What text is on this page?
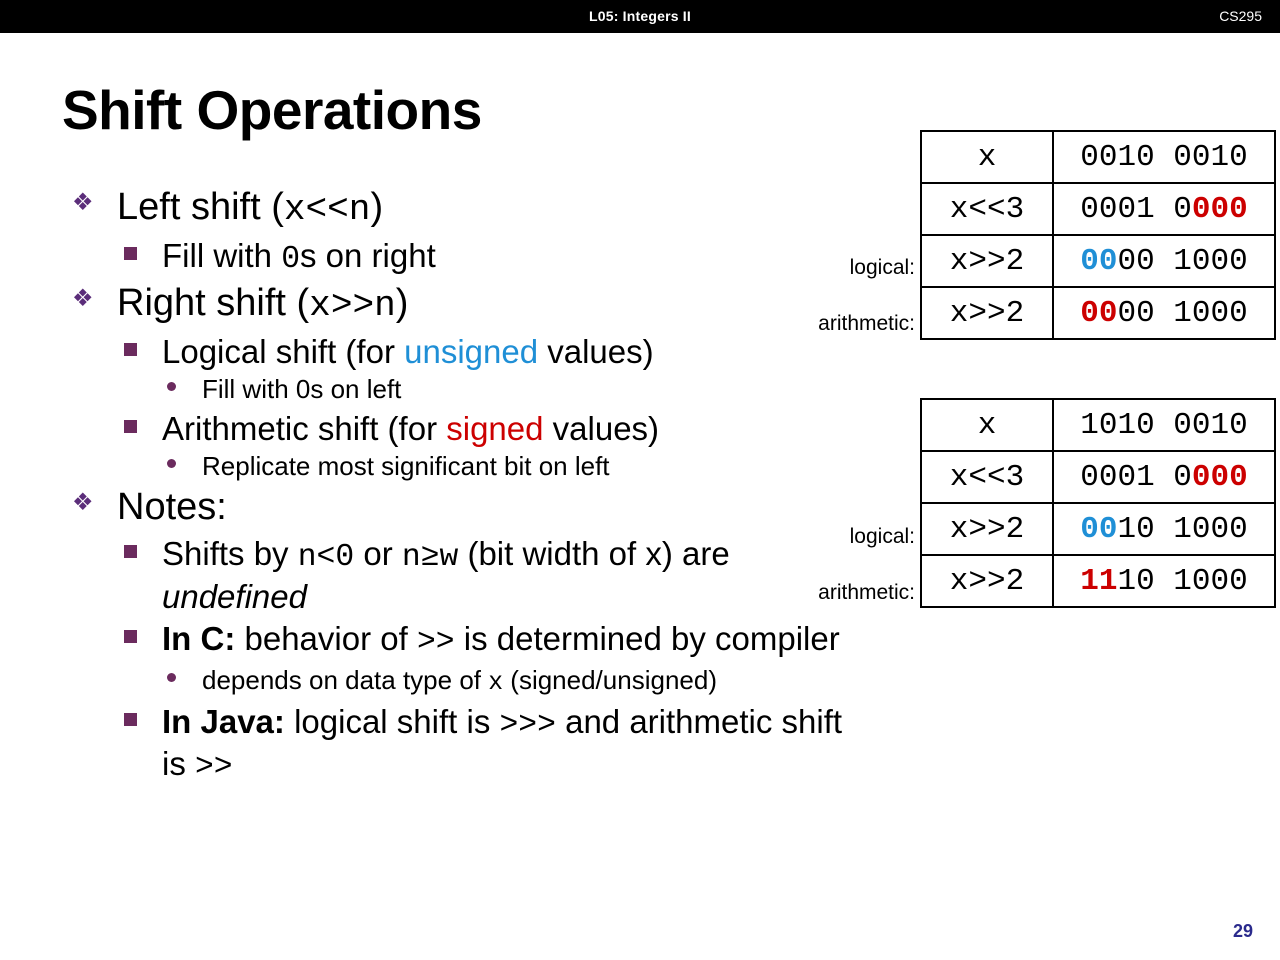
L05: Integers II	CS295
Shift Operations
❖ Left shift (x<<n)
Fill with 0s on right
❖ Right shift (x>>n)
Logical shift (for unsigned values)
Fill with 0s on left
Arithmetic shift (for signed values)
Replicate most significant bit on left
❖ Notes:
Shifts by n<0 or n≥w (bit width of x) are undefined
In C: behavior of >> is determined by compiler
depends on data type of x (signed/unsigned)
In Java: logical shift is >>> and arithmetic shift is >>
logical:
arithmetic:
x	0010 0010
x<<3	0001 0000
x>>2	0000 1000
x>>2	0000 1000
logical:
arithmetic:
x	1010 0010
x<<3	0001 0000
x>>2	0010 1000
x>>2	1110 1000
29
